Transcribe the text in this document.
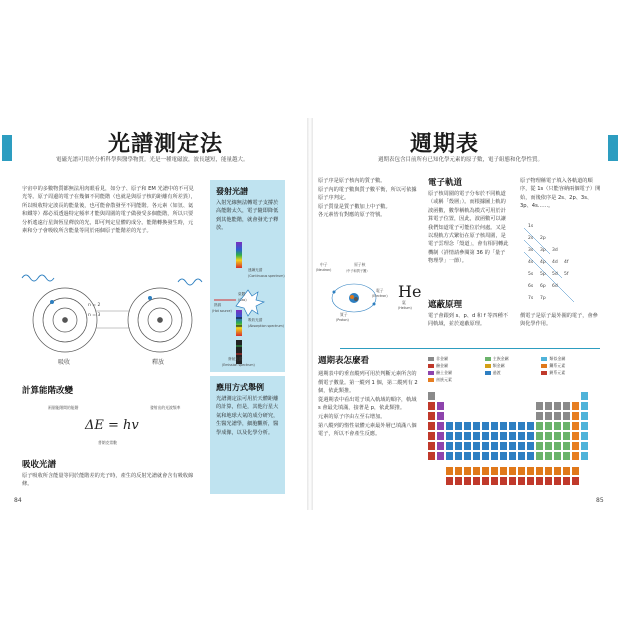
物理學
光譜測定法
電磁光譜可用於分析科學與醫學物質。光是一種電磁波，波長越短，能量越大。
宇宙中的多數物質都無法用肉眼看見，如分子、原子和 EM 光譜中的不可見光等。原子周邊的電子在幾個不同能階（也就是與原子核的距離有所差異），所以吸收特定波長的能量後，也可能會散發至不同能階。各元素（如氫、氦和鐵等）都必須透過特定頻率才能與周圍的電子做發受多個能階，所以只要分析遙遠行星與恆星釋放的光，即可判定星體的成分。能階轉換發生時，元素和分子會吸收所含能量等同於兩個原子能階差的光子。
n = 2
n = 3
吸收	釋放
計算能階改變
兩個能階間的能階	發射出的光波頻率
ΔE = hv
普朗克常數
吸收光譜
原子吸收所含能量等同於能階差的光子時，產生的反射光譜就會含有吸收線條。
發射光譜
入射光線無法轉電子支撐於高能階太久，電子隨即降低到其他能階，就會發光子釋放。
連續光譜
(Continuous spectrum)
熱源
(Hot source)
氣體
(Gas)
吸收光譜
(Absorption spectrum)
發射光譜
(Emission spectrum)
應用方式舉例
光譜測定法可用於天體距離的計算，但是，其他行星大氣和地球大氣的成分研究，生醫光譜學，細胞觀析，醫學成像，以及化學分析。
84
物理學
週期表
週期表包含目前所有已知化學元素的原子數，電子組態和化學性質。
原子序是原子核內的質子數。
原子內的電子數與質子數平衡，所以可依據原子序判定。
原子質量是質子數加上中子數。
各元素皆有對應的原子符號。
中子
(Neutron)
原子核
（中子和質子團）
電子
(Electron)
質子
(Proton)
He
氦
(Helium)
電子軌道
原子核周圍的電子分布於不同軌道（或稱「殼層」）。而根據圖上軌的波函數，數學稱軌為模式可用於計算電子位置，因此，波函數可以讓我們知道電子可能位於何處。又是以現軌方式繁衍在原子核周圍，是電子雲理念「殼道」，會有相同轉此機制（詳情請參閱第 36 的「量子物理學」一節）。
原子物理稱電子填入各軌道的順序，從 1s（只能容納兩個電子）開始，而後依序是 2s、2p、3s、3p、4s……。
1s
2s 2p
3s 3p 3d
4s 4p 4d 4f
5s 5p 5d 5f
6s 6p 6d
7s 7p
遮蔽原理
電子會跟到 s、p、d 和 f 等四種不同軌域，並於遮蔽原理。
價電子是原子最外圍的電子，會參與化學作用。
週期表怎麼看
週期表中的垂直縱列可用於判斷元素所含的價電子數量。第一縱列 1 個，第二縱列有 2 個，依此類推。
從週期表中看出電子填入軌域的順序，軌域 s 會最先填滿，接著是 p，依此類推。
元素的原子序由左至右增加。
第八縱列的惰性氣體元素最外層已填滿八個電子，所以不會產生反應。
非金屬	主族金屬	類似金屬
鹼金屬	類金屬	鑭系元素
鹼土金屬	過渡	錒系元素
鹵族元素
85
